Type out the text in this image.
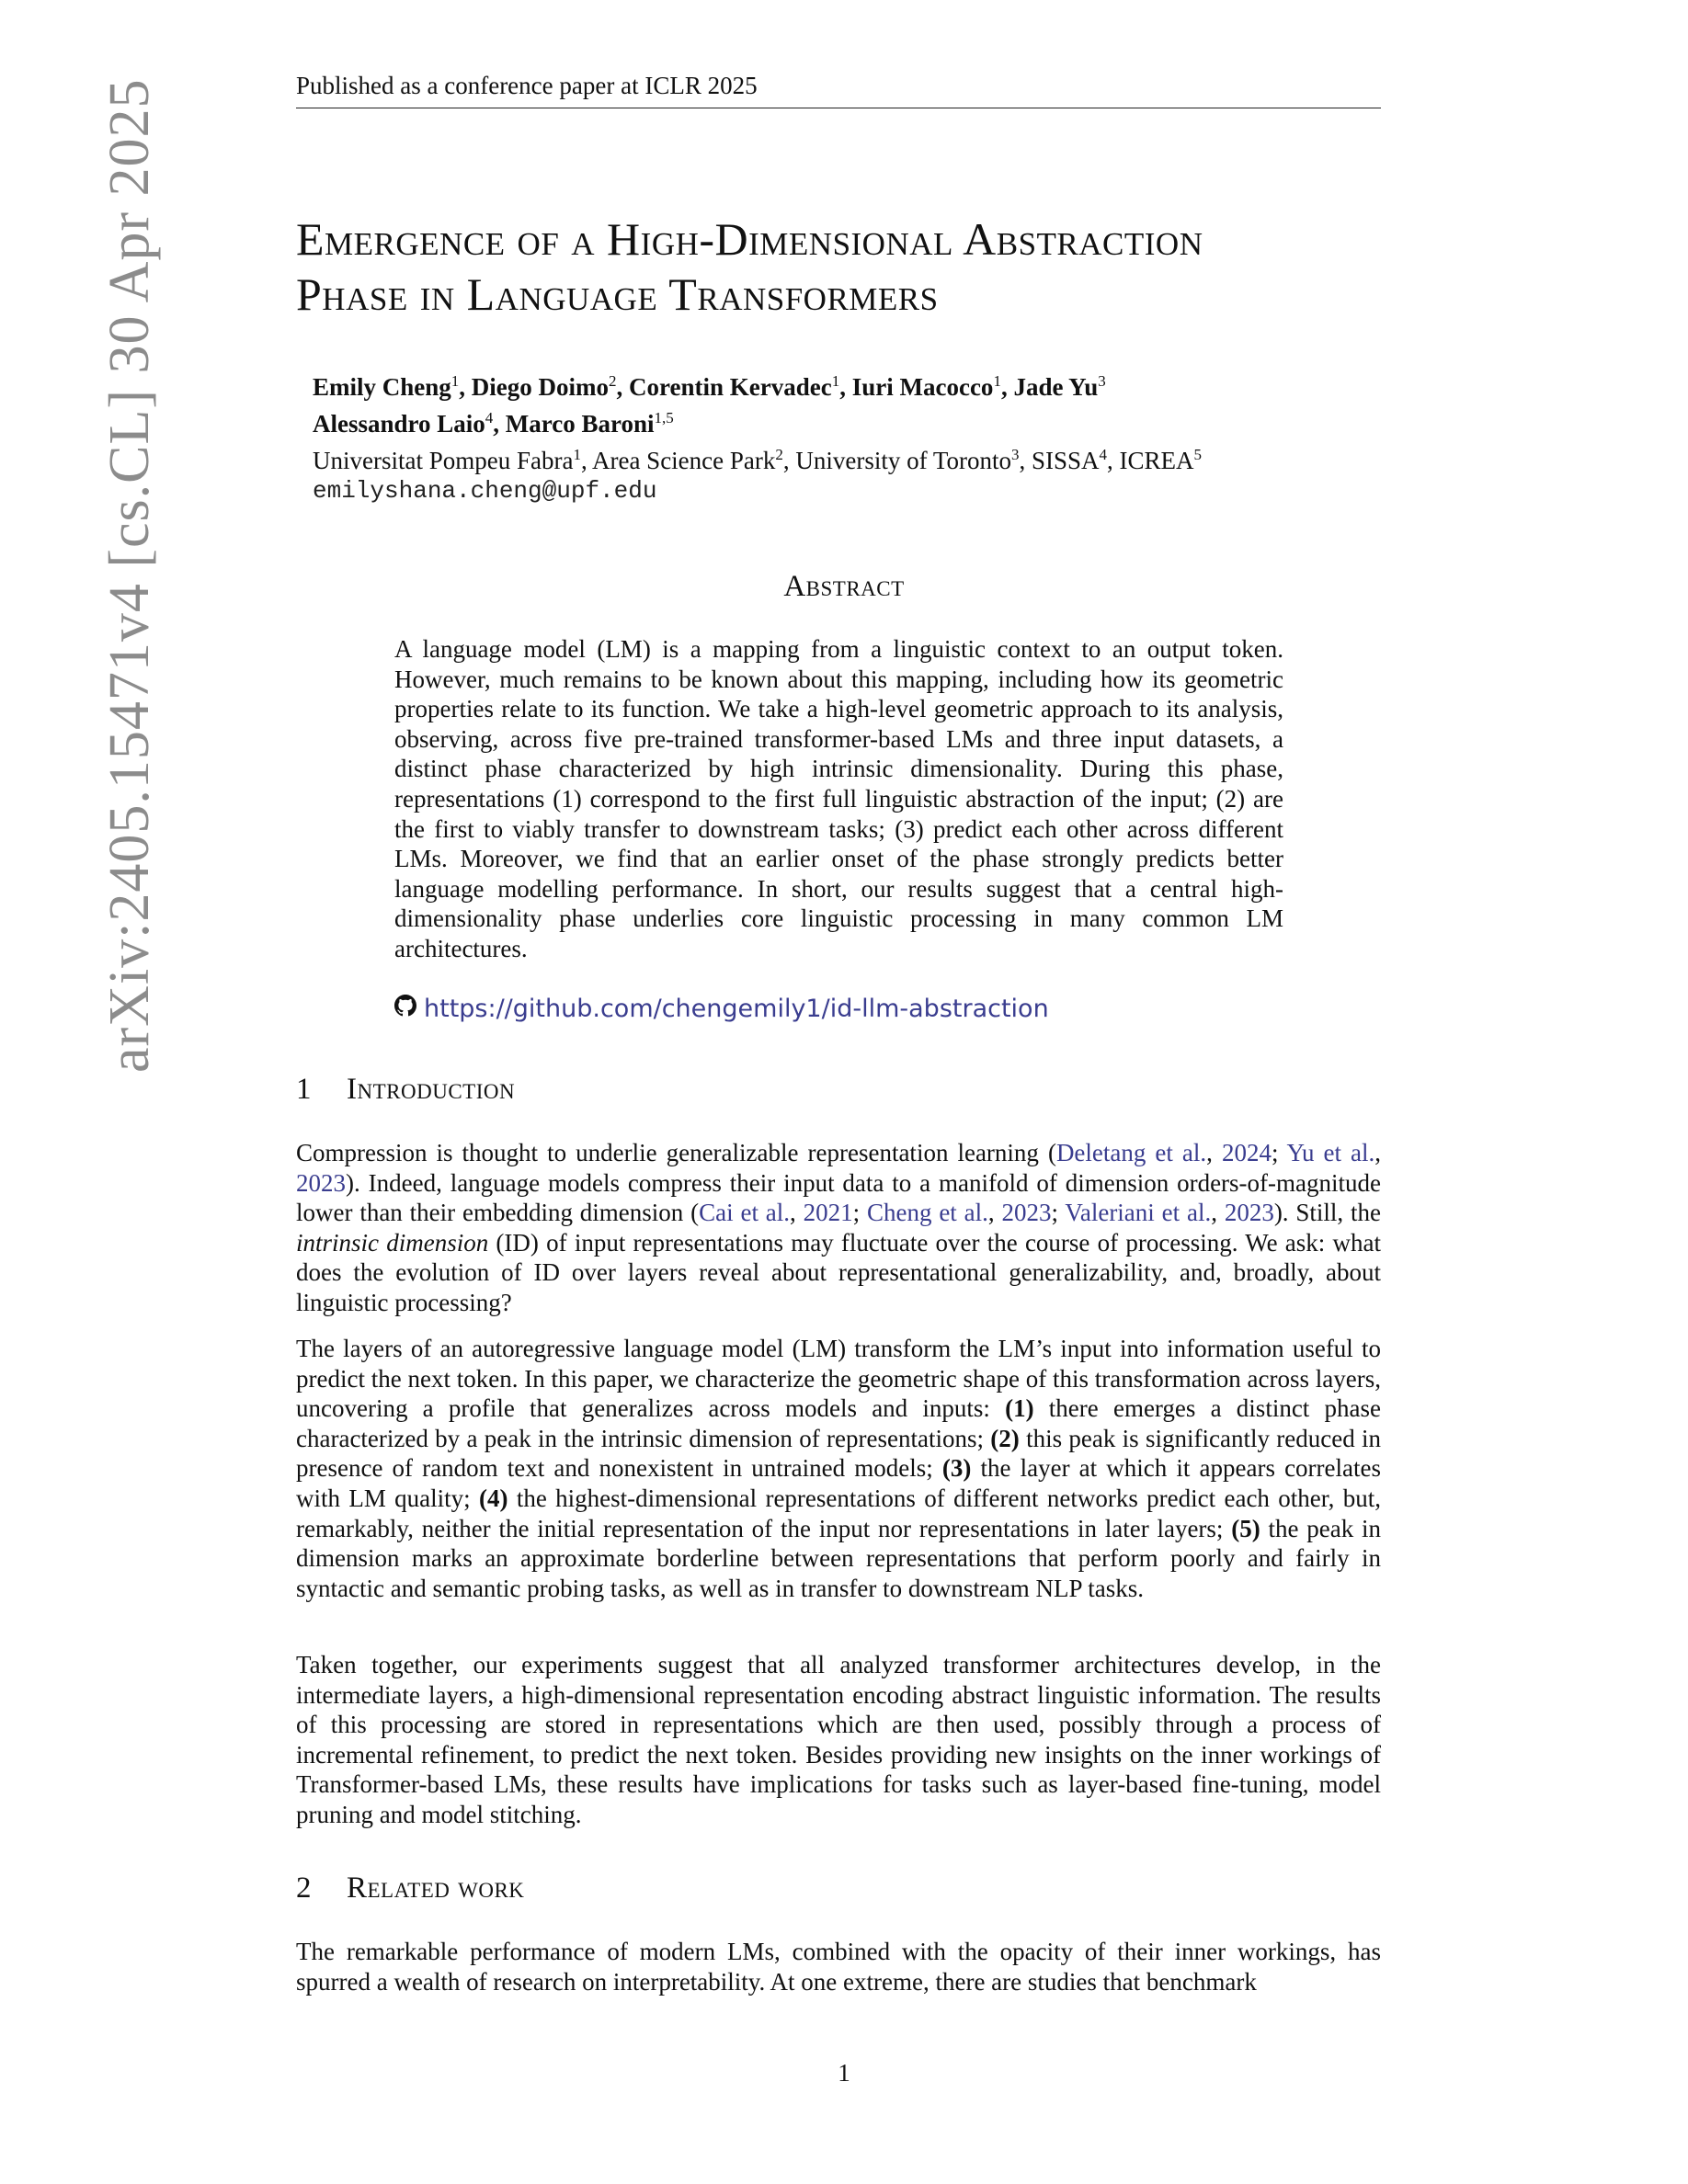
Published as a conference paper at ICLR 2025
arXiv:2405.15471v4 [cs.CL] 30 Apr 2025	Emergence of a High-Dimensional Abstraction
Phase in Language Transformers
Emily Cheng$^1$, Diego Doimo$^2$, Corentin Kervadec$^1$, Iuri Macocco$^1$, Jade Yu$^3$
Alessandro Laio$^4$, Marco Baroni$^{1,5}$
Universitat Pompeu Fabra$^1$, Area Science Park$^2$, University of Toronto$^3$, SISSA$^4$, ICREA$^5$
emilyshana.cheng@upf.edu
Abstract
A language model (LM) is a mapping from a linguistic context to an output token. However, much remains to be known about this mapping, including how its geometric properties relate to its function. We take a high-level geometric approach to its analysis, observing, across five pre-trained transformer-based LMs and three input datasets, a distinct phase characterized by high intrinsic dimensionality. During this phase, representations (1) correspond to the first full linguistic abstraction of the input; (2) are the first to viably transfer to downstream tasks; (3) predict each other across different LMs. Moreover, we find that an earlier onset of the phase strongly predicts better language modelling performance. In short, our results suggest that a central high-dimensionality phase underlies core linguistic processing in many common LM architectures.
https://github.com/chengemily1/id-llm-abstraction
1 Introduction
Compression is thought to underlie generalizable representation learning (Deletang et al., 2024; Yu et al., 2023). Indeed, language models compress their input data to a manifold of dimension orders-of-magnitude lower than their embedding dimension (Cai et al., 2021; Cheng et al., 2023; Valeriani et al., 2023). Still, the intrinsic dimension (ID) of input representations may fluctuate over the course of processing. We ask: what does the evolution of ID over layers reveal about representational generalizability, and, broadly, about linguistic processing?
The layers of an autoregressive language model (LM) transform the LM’s input into information useful to predict the next token. In this paper, we characterize the geometric shape of this transformation across layers, uncovering a profile that generalizes across models and inputs: (1) there emerges a distinct phase characterized by a peak in the intrinsic dimension of representations; (2) this peak is significantly reduced in presence of random text and nonexistent in untrained models; (3) the layer at which it appears correlates with LM quality; (4) the highest-dimensional representations of different networks predict each other, but, remarkably, neither the initial representation of the input nor representations in later layers; (5) the peak in dimension marks an approximate borderline between representations that perform poorly and fairly in syntactic and semantic probing tasks, as well as in transfer to downstream NLP tasks.
Taken together, our experiments suggest that all analyzed transformer architectures develop, in the intermediate layers, a high-dimensional representation encoding abstract linguistic information. The results of this processing are stored in representations which are then used, possibly through a process of incremental refinement, to predict the next token. Besides providing new insights on the inner workings of Transformer-based LMs, these results have implications for tasks such as layer-based fine-tuning, model pruning and model stitching.
2 Related work
The remarkable performance of modern LMs, combined with the opacity of their inner workings, has spurred a wealth of research on interpretability. At one extreme, there are studies that benchmark
1
